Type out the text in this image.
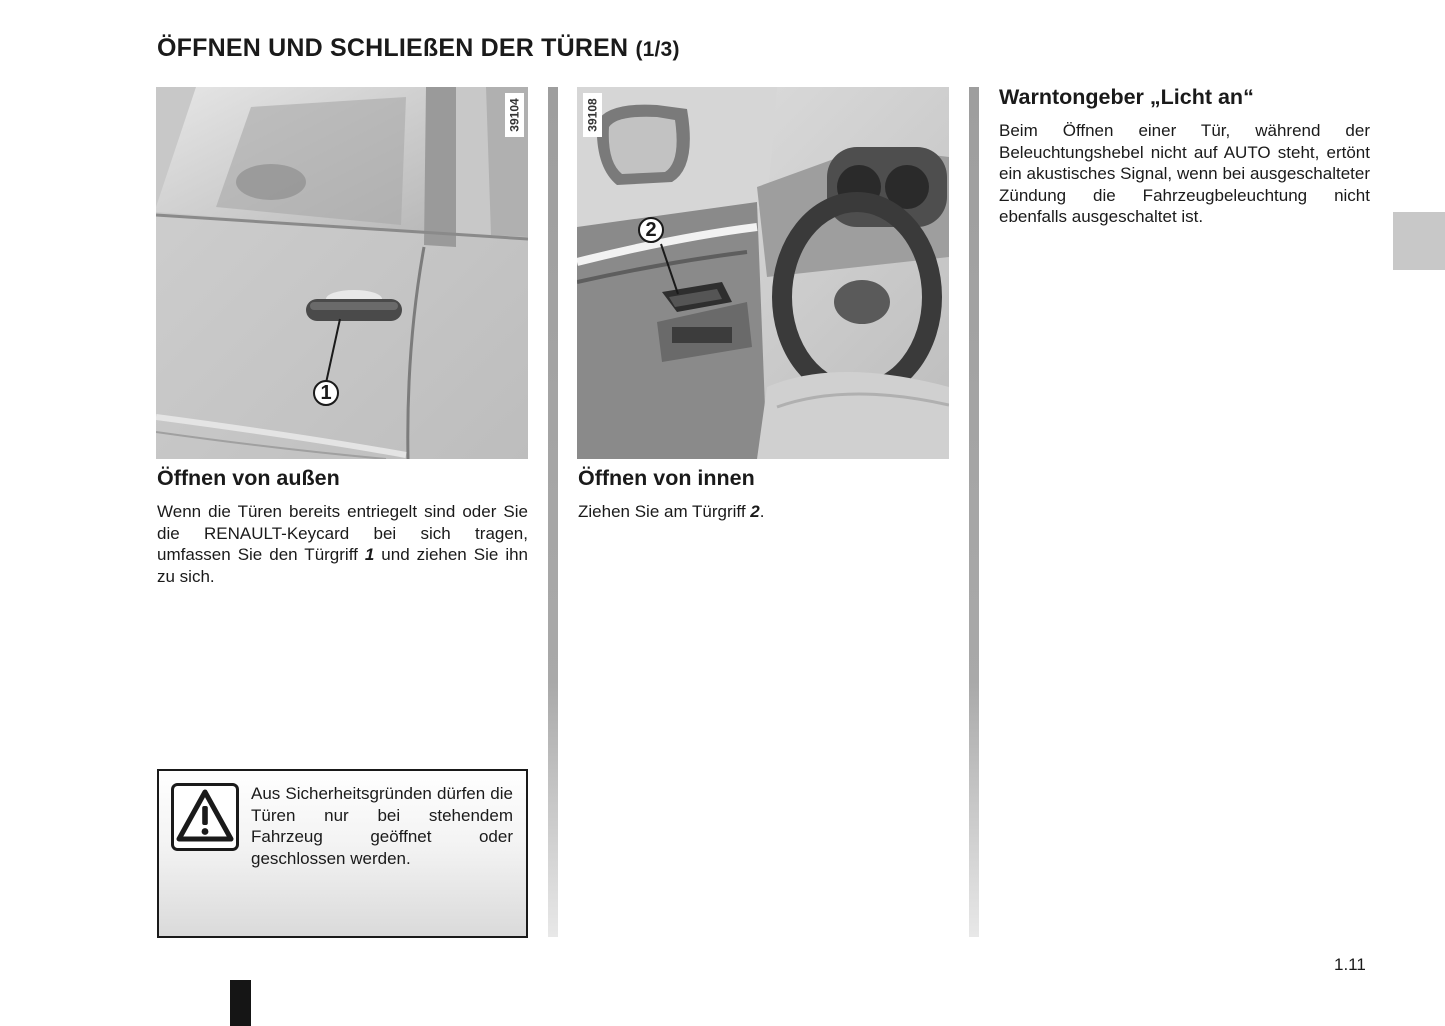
ÖFFNEN UND SCHLIEßEN DER TÜREN (1/3)
39104
1
39108
2
Öffnen von außen

Wenn die Türen bereits entriegelt sind oder Sie die RENAULT-Keycard bei sich tragen, umfassen Sie den Türgriff 1 und ziehen Sie ihn zu sich.

Öffnen von innen

Ziehen Sie am Türgriff 2.

Warntongeber „Licht an“

Beim Öffnen einer Tür, während der Beleuchtungshebel nicht auf AUTO steht, ertönt ein akustisches Signal, wenn bei ausgeschalteter Zündung die Fahrzeugbeleuchtung nicht ebenfalls ausgeschaltet ist.

Aus Sicherheitsgründen dürfen die Türen nur bei stehendem Fahrzeug geöffnet oder geschlossen werden.

1.11
